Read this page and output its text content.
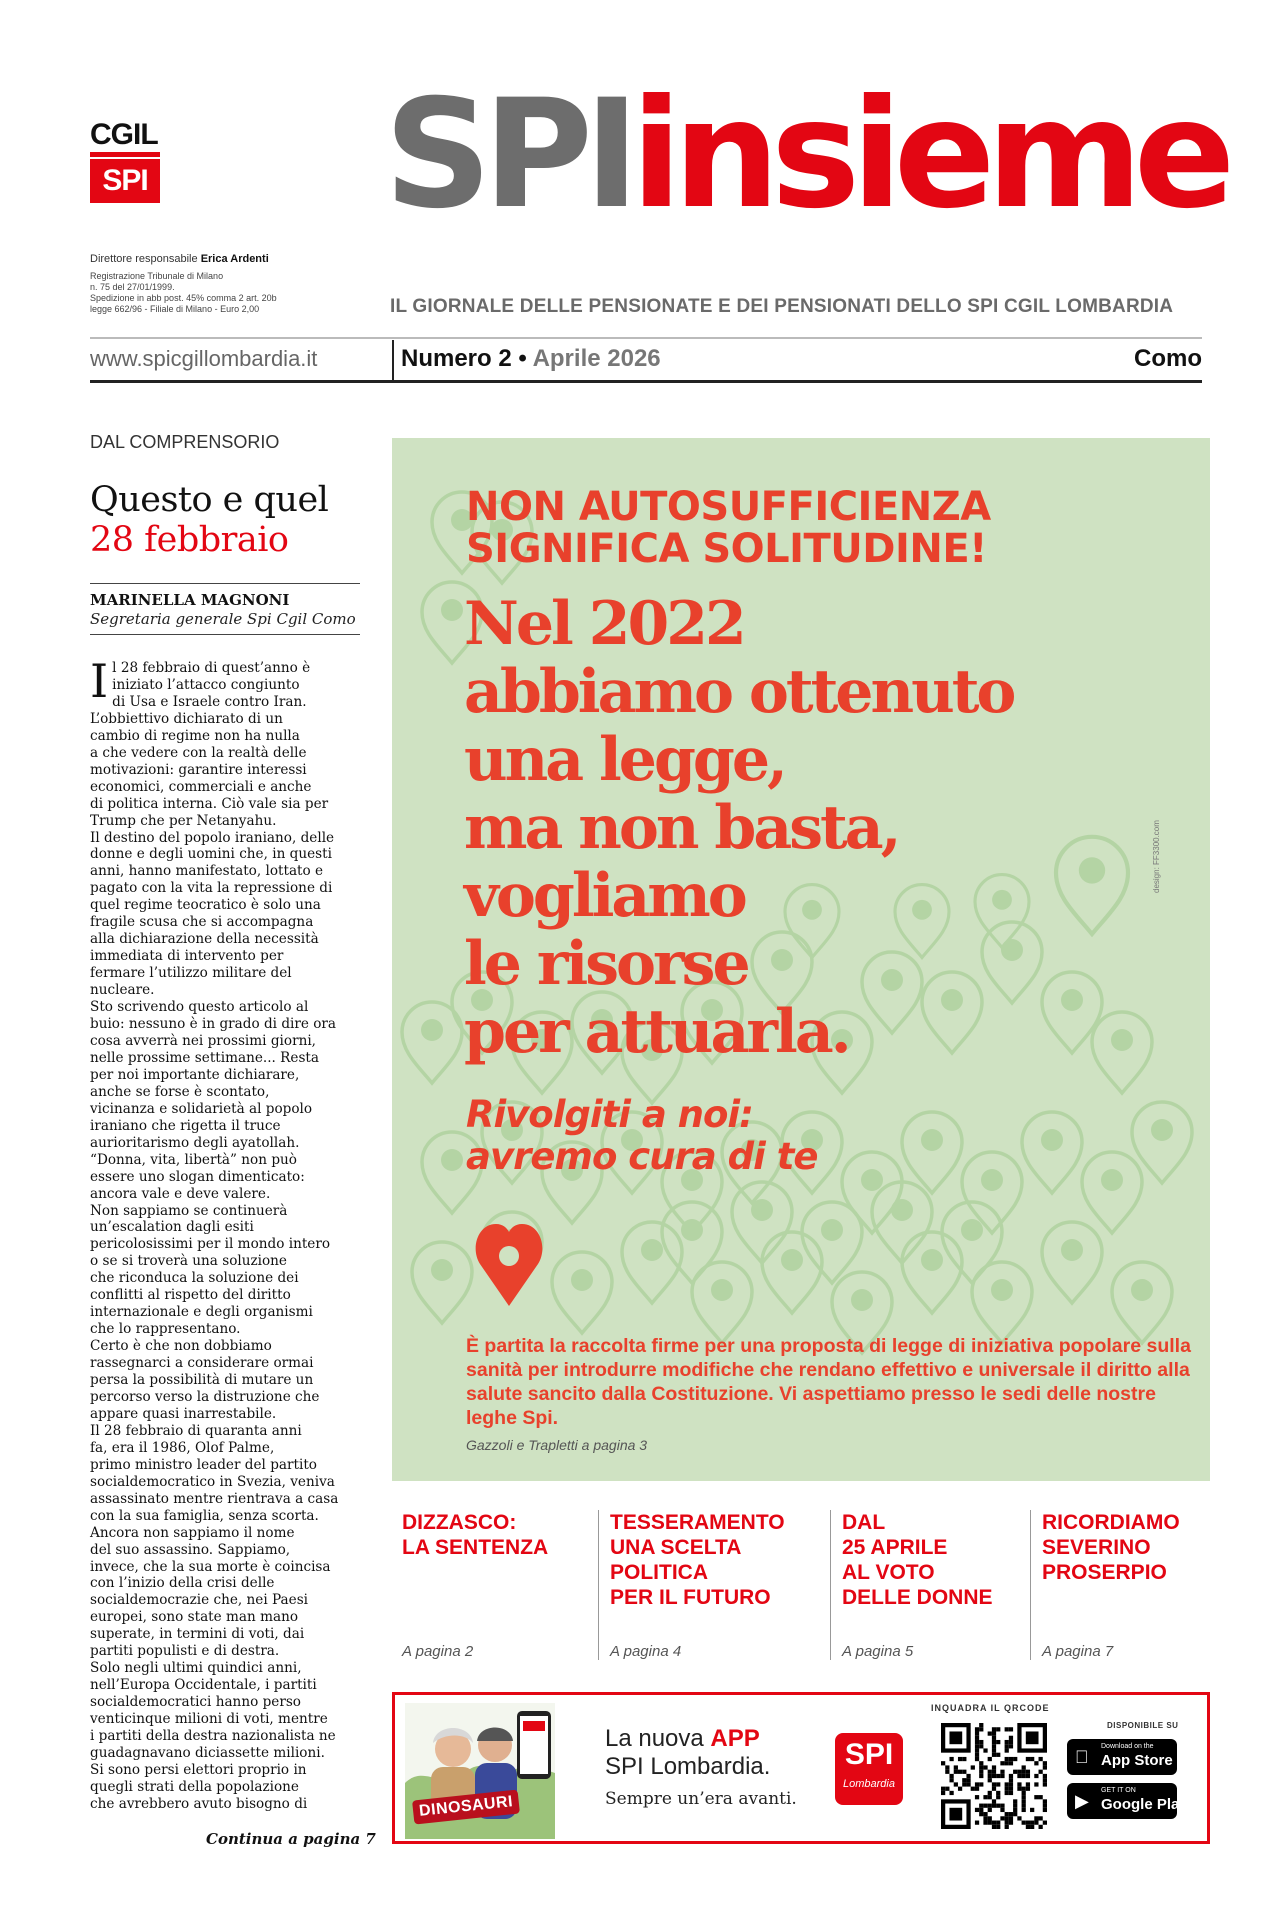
CGIL
SPI SPIinsieme
Direttore responsabile Erica Ardenti
Registrazione Tribunale di Milano
n. 75 del 27/01/1999.
Spedizione in abb post. 45% comma 2 art. 20b
legge 662/96 - Filiale di Milano - Euro 2,00	IL GIORNALE DELLE PENSIONATE E DEI PENSIONATI DELLO SPI CGIL LOMBARDIA
www.spicgillombardia.it	Numero 2 • Aprile 2026	Como
DAL COMPRENSORIO
Questo e quel
28 febbraio
MARINELLA MAGNONI
Segretaria generale Spi Cgil Como
I l 28 febbraio di quest’anno è
iniziato l’attacco congiunto
di Usa e Israele contro Iran.
L’obbiettivo dichiarato di un
cambio di regime non ha nulla
a che vedere con la realtà delle
motivazioni: garantire interessi
economici, commerciali e anche
di politica interna. Ciò vale sia per
Trump che per Netanyahu.
Il destino del popolo iraniano, delle
donne e degli uomini che, in questi
anni, hanno manifestato, lottato e
pagato con la vita la repressione di
quel regime teocratico è solo una
fragile scusa che si accompagna
alla dichiarazione della necessità
immediata di intervento per
fermare l’utilizzo militare del
nucleare.
Sto scrivendo questo articolo al
buio: nessuno è in grado di dire ora
cosa avverrà nei prossimi giorni,
nelle prossime settimane... Resta
per noi importante dichiarare,
anche se forse è scontato,
vicinanza e solidarietà al popolo
iraniano che rigetta il truce
aurioritarismo degli ayatollah.
“Donna, vita, libertà” non può
essere uno slogan dimenticato:
ancora vale e deve valere.
Non sappiamo se continuerà
un’escalation dagli esiti
pericolosissimi per il mondo intero
o se si troverà una soluzione
che riconduca la soluzione dei
conflitti al rispetto del diritto
internazionale e degli organismi
che lo rappresentano.
Certo è che non dobbiamo
rassegnarci a considerare ormai
persa la possibilità di mutare un
percorso verso la distruzione che
appare quasi inarrestabile.
Il 28 febbraio di quaranta anni
fa, era il 1986, Olof Palme,
primo ministro leader del partito
socialdemocratico in Svezia, veniva
assassinato mentre rientrava a casa
con la sua famiglia, senza scorta.
Ancora non sappiamo il nome
del suo assassino. Sappiamo,
invece, che la sua morte è coincisa
con l’inizio della crisi delle
socialdemocrazie che, nei Paesi
europei, sono state man mano
superate, in termini di voti, dai
partiti populisti e di destra.
Solo negli ultimi quindici anni,
nell’Europa Occidentale, i partiti
socialdemocratici hanno perso
venticinque milioni di voti, mentre
i partiti della destra nazionalista ne
guadagnavano diciassette milioni.
Si sono persi elettori proprio in
quegli strati della popolazione
che avrebbero avuto bisogno di
Continua a pagina 7
NON AUTOSUFFICIENZA
SIGNIFICA SOLITUDINE!
Nel 2022
abbiamo ottenuto
una legge,
ma non basta,
vogliamo
le risorse
per attuarla.
Rivolgiti a noi:
avremo cura di te
È partita la raccolta firme per una proposta di legge di iniziativa popolare sulla sanità per introdurre modifiche che rendano effettivo e universale il diritto alla salute sancito dalla Costituzione. Vi aspettiamo presso le sedi delle nostre leghe Spi.
Gazzoli e Trapletti a pagina 3
design: FF3300.com
DIZZASCO:
LA SENTENZA
A pagina 2
TESSERAMENTO
UNA SCELTA
POLITICA
PER IL FUTURO
A pagina 4
DAL
25 APRILE
AL VOTO
DELLE DONNE
A pagina 5
RICORDIAMO
SEVERINO
PROSERPIO
A pagina 7
DINOSAURI
La nuova APP
SPI Lombardia.
Sempre un’era avanti.
SPI
Lombardia
INQUADRA IL QRCODE
DISPONIBILE SU
Download on the
App Store
▶
GET IT ON
Google Play
